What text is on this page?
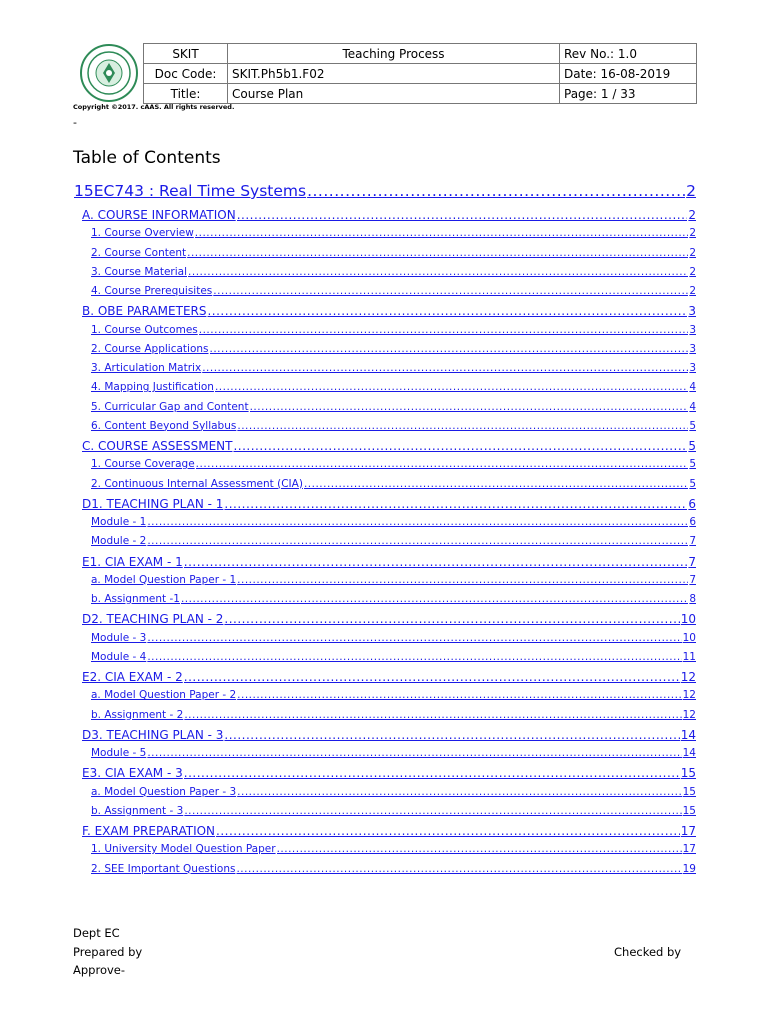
SKIT	Teaching Process	Rev No.: 1.0
Doc Code:	SKIT.Ph5b1.F02	Date: 16-08-2019
Title:	Course Plan	Page: 1 / 33
Copyright ©2017. cAAS. All rights reserved.
-
Table of Contents
15EC743 : Real Time Systems .....	2
A. COURSE INFORMATION .....	2
1. Course Overview .....	2
2. Course Content .....	2
3. Course Material .....	2
4. Course Prerequisites .....	2
B. OBE PARAMETERS .....	3
1. Course Outcomes .....	3
2. Course Applications .....	3
3. Articulation Matrix .....	3
4. Mapping Justification .....	4
5. Curricular Gap and Content .....	4
6. Content Beyond Syllabus .....	5
C. COURSE ASSESSMENT .....	5
1. Course Coverage .....	5
2. Continuous Internal Assessment (CIA) .....	5
D1. TEACHING PLAN - 1 .....	6
Module - 1 .....	6
Module - 2 .....	7
E1. CIA EXAM - 1 .....	7
a. Model Question Paper - 1 .....	7
b. Assignment -1 .....	8
D2. TEACHING PLAN - 2 .....	10
Module - 3 .....	10
Module - 4 .....	11
E2. CIA EXAM - 2 .....	12
a. Model Question Paper - 2 .....	12
b. Assignment - 2 .....	12
D3. TEACHING PLAN - 3 .....	14
Module - 5 .....	14
E3. CIA EXAM - 3 .....	15
a. Model Question Paper - 3 .....	15
b. Assignment - 3 .....	15
F. EXAM PREPARATION .....	17
1. University Model Question Paper .....	17
2. SEE Important Questions .....	19
Dept EC
Prepared by	Checked by
Approve-
